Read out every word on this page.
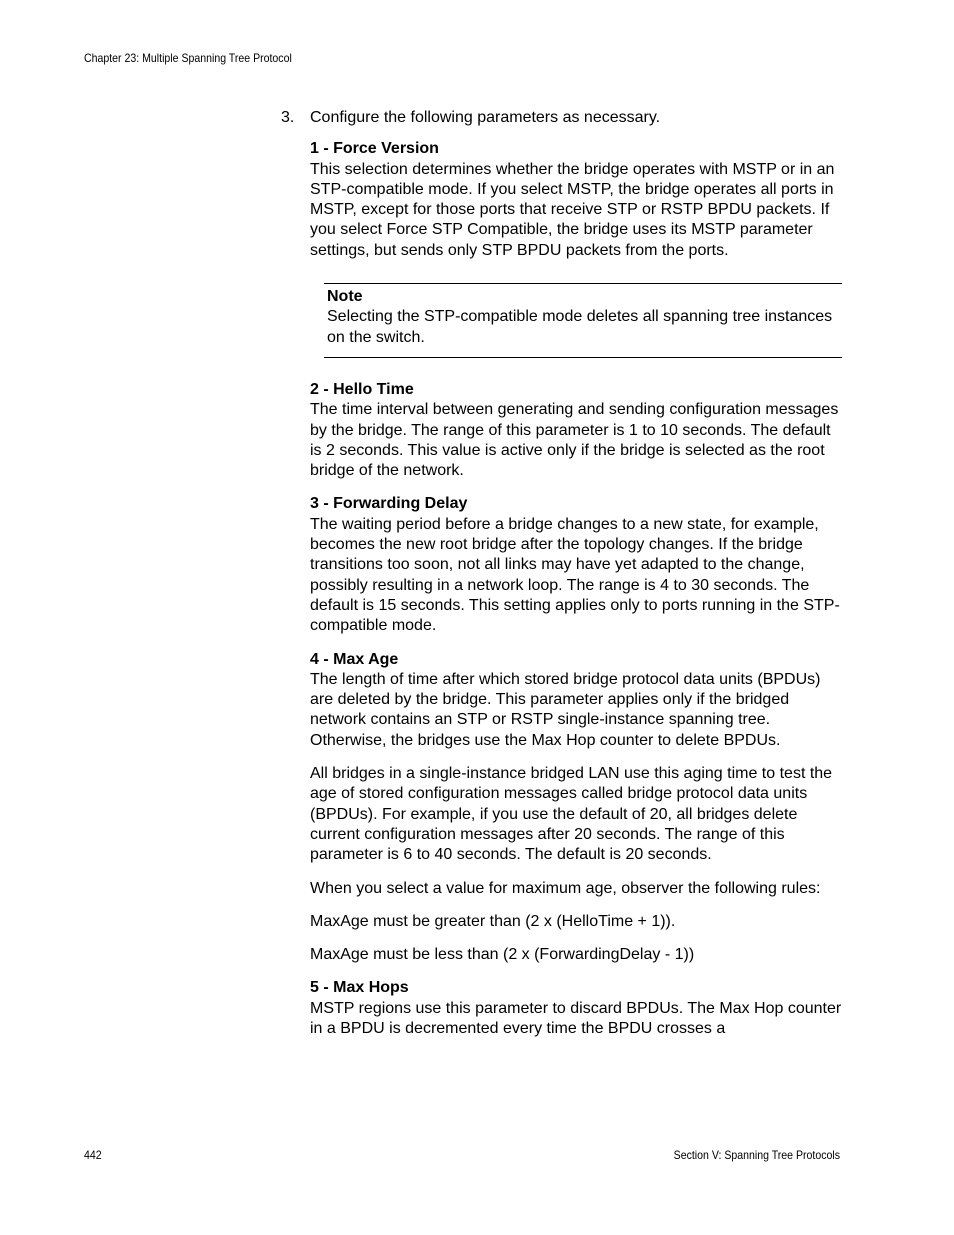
Chapter 23: Multiple Spanning Tree Protocol
3. Configure the following parameters as necessary.
1 - Force Version
This selection determines whether the bridge operates with MSTP or in an STP-compatible mode. If you select MSTP, the bridge operates all ports in MSTP, except for those ports that receive STP or RSTP BPDU packets. If you select Force STP Compatible, the bridge uses its MSTP parameter settings, but sends only STP BPDU packets from the ports.
Note
Selecting the STP-compatible mode deletes all spanning tree instances on the switch.
2 - Hello Time
The time interval between generating and sending configuration messages by the bridge. The range of this parameter is 1 to 10 seconds. The default is 2 seconds. This value is active only if the bridge is selected as the root bridge of the network.
3 - Forwarding Delay
The waiting period before a bridge changes to a new state, for example, becomes the new root bridge after the topology changes. If the bridge transitions too soon, not all links may have yet adapted to the change, possibly resulting in a network loop. The range is 4 to 30 seconds. The default is 15 seconds. This setting applies only to ports running in the STP-compatible mode.
4 - Max Age
The length of time after which stored bridge protocol data units (BPDUs) are deleted by the bridge. This parameter applies only if the bridged network contains an STP or RSTP single-instance spanning tree. Otherwise, the bridges use the Max Hop counter to delete BPDUs.

All bridges in a single-instance bridged LAN use this aging time to test the age of stored configuration messages called bridge protocol data units (BPDUs). For example, if you use the default of 20, all bridges delete current configuration messages after 20 seconds. The range of this parameter is 6 to 40 seconds. The default is 20 seconds.

When you select a value for maximum age, observer the following rules:

MaxAge must be greater than (2 x (HelloTime + 1)).

MaxAge must be less than (2 x (ForwardingDelay - 1))

5 - Max Hops
MSTP regions use this parameter to discard BPDUs. The Max Hop counter in a BPDU is decremented every time the BPDU crosses a
442	Section V: Spanning Tree Protocols
